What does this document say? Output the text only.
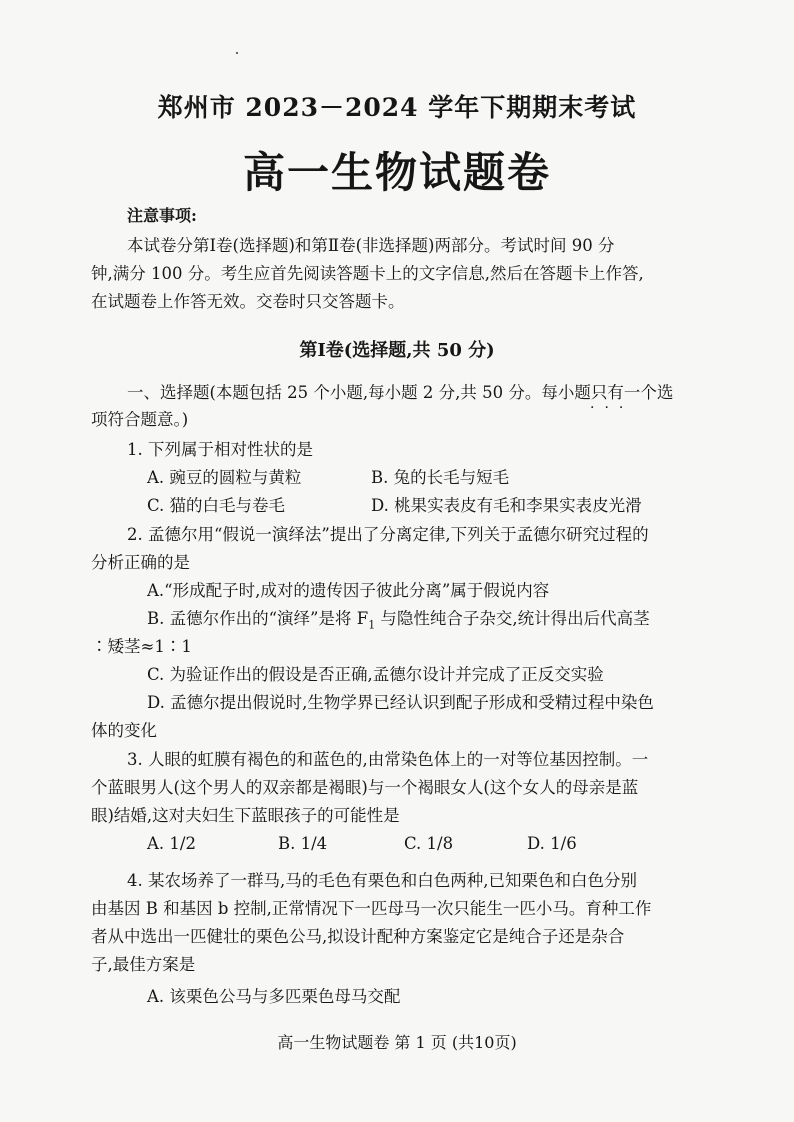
郑州市 2023－2024 学年下期期末考试
高一生物试题卷
注意事项:
本试卷分第Ⅰ卷(选择题)和第Ⅱ卷(非选择题)两部分。考试时间 90 分
钟,满分 100 分。考生应首先阅读答题卡上的文字信息,然后在答题卡上作答,
在试题卷上作答无效。交卷时只交答题卡。
第Ⅰ卷(选择题,共 50 分)
一、选择题(本题包括 25 个小题,每小题 2 分,共 50 分。每小题只有一个选
···
项符合题意。)
1. 下列属于相对性状的是
A. 豌豆的圆粒与黄粒	B. 兔的长毛与短毛
C. 猫的白毛与卷毛	D. 桃果实表皮有毛和李果实表皮光滑
2. 孟德尔用“假说一演绎法”提出了分离定律,下列关于孟德尔研究过程的
分析正确的是
A.“形成配子时,成对的遗传因子彼此分离”属于假说内容
B. 孟德尔作出的“演绎”是将 $F_1$ 与隐性纯合子杂交,统计得出后代高茎
∶矮茎≈1∶1
C. 为验证作出的假设是否正确,孟德尔设计并完成了正反交实验
D. 孟德尔提出假说时,生物学界已经认识到配子形成和受精过程中染色
体的变化
3. 人眼的虹膜有褐色的和蓝色的,由常染色体上的一对等位基因控制。一
个蓝眼男人(这个男人的双亲都是褐眼)与一个褐眼女人(这个女人的母亲是蓝
眼)结婚,这对夫妇生下蓝眼孩子的可能性是
A. 1/2	B. 1/4	C. 1/8	D. 1/6
4. 某农场养了一群马,马的毛色有栗色和白色两种,已知栗色和白色分别
由基因 B 和基因 b 控制,正常情况下一匹母马一次只能生一匹小马。育种工作
者从中选出一匹健壮的栗色公马,拟设计配种方案鉴定它是纯合子还是杂合
子,最佳方案是
A. 该栗色公马与多匹栗色母马交配
高一生物试题卷 第 1 页 (共10页)
